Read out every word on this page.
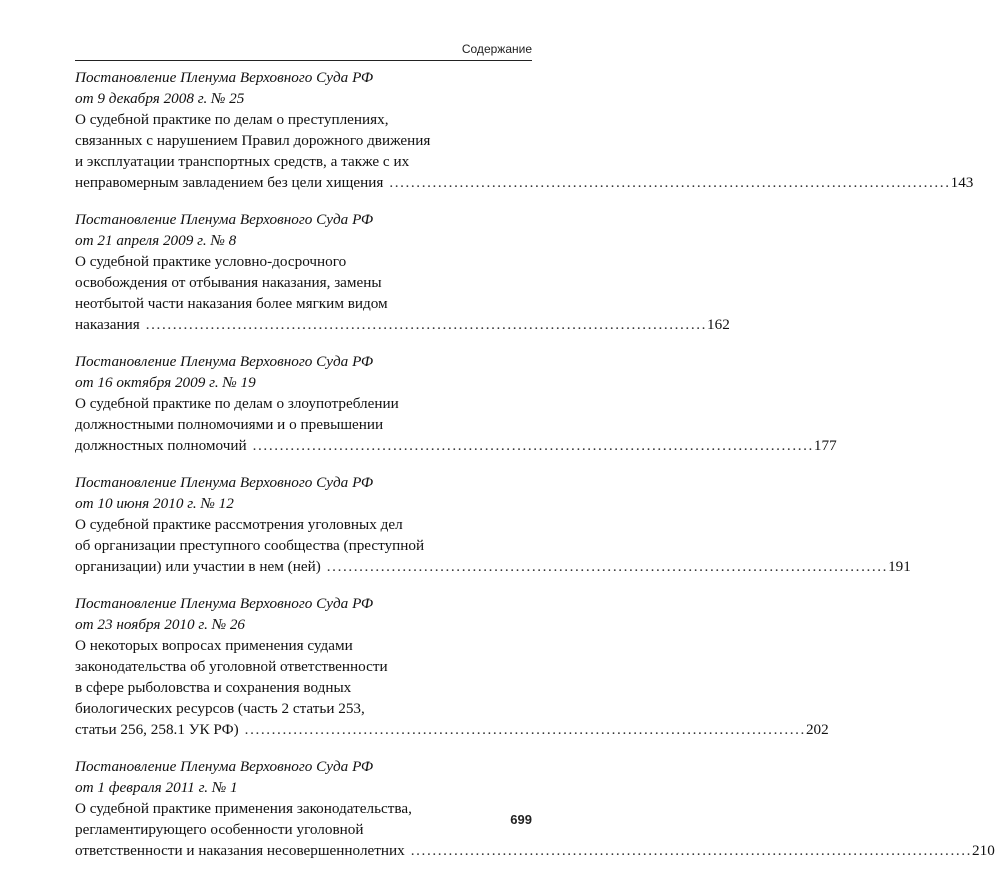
Содержание
Постановление Пленума Верховного Суда РФ
от 9 декабря 2008 г. № 25
О судебной практике по делам о преступлениях,
связанных с нарушением Правил дорожного движения
и эксплуатации транспортных средств, а также с их
неправомерным завладением без цели хищения ........................................................................................................ 143
Постановление Пленума Верховного Суда РФ
от 21 апреля 2009 г. № 8
О судебной практике условно-досрочного
освобождения от отбывания наказания, замены
неотбытой части наказания более мягким видом
наказания ........................................................................................................ 162
Постановление Пленума Верховного Суда РФ
от 16 октября 2009 г. № 19
О судебной практике по делам о злоупотреблении
должностными полномочиями и о превышении
должностных полномочий ........................................................................................................ 177
Постановление Пленума Верховного Суда РФ
от 10 июня 2010 г. № 12
О судебной практике рассмотрения уголовных дел
об организации преступного сообщества (преступной
организации) или участии в нем (ней) ........................................................................................................ 191
Постановление Пленума Верховного Суда РФ
от 23 ноября 2010 г. № 26
О некоторых вопросах применения судами
законодательства об уголовной ответственности
в сфере рыболовства и сохранения водных
биологических ресурсов (часть 2 статьи 253,
статьи 256, 258.1 УК РФ) ........................................................................................................ 202
Постановление Пленума Верховного Суда РФ
от 1 февраля 2011 г. № 1
О судебной практике применения законодательства,
регламентирующего особенности уголовной
ответственности и наказания несовершеннолетних ........................................................................................................ 210
699
